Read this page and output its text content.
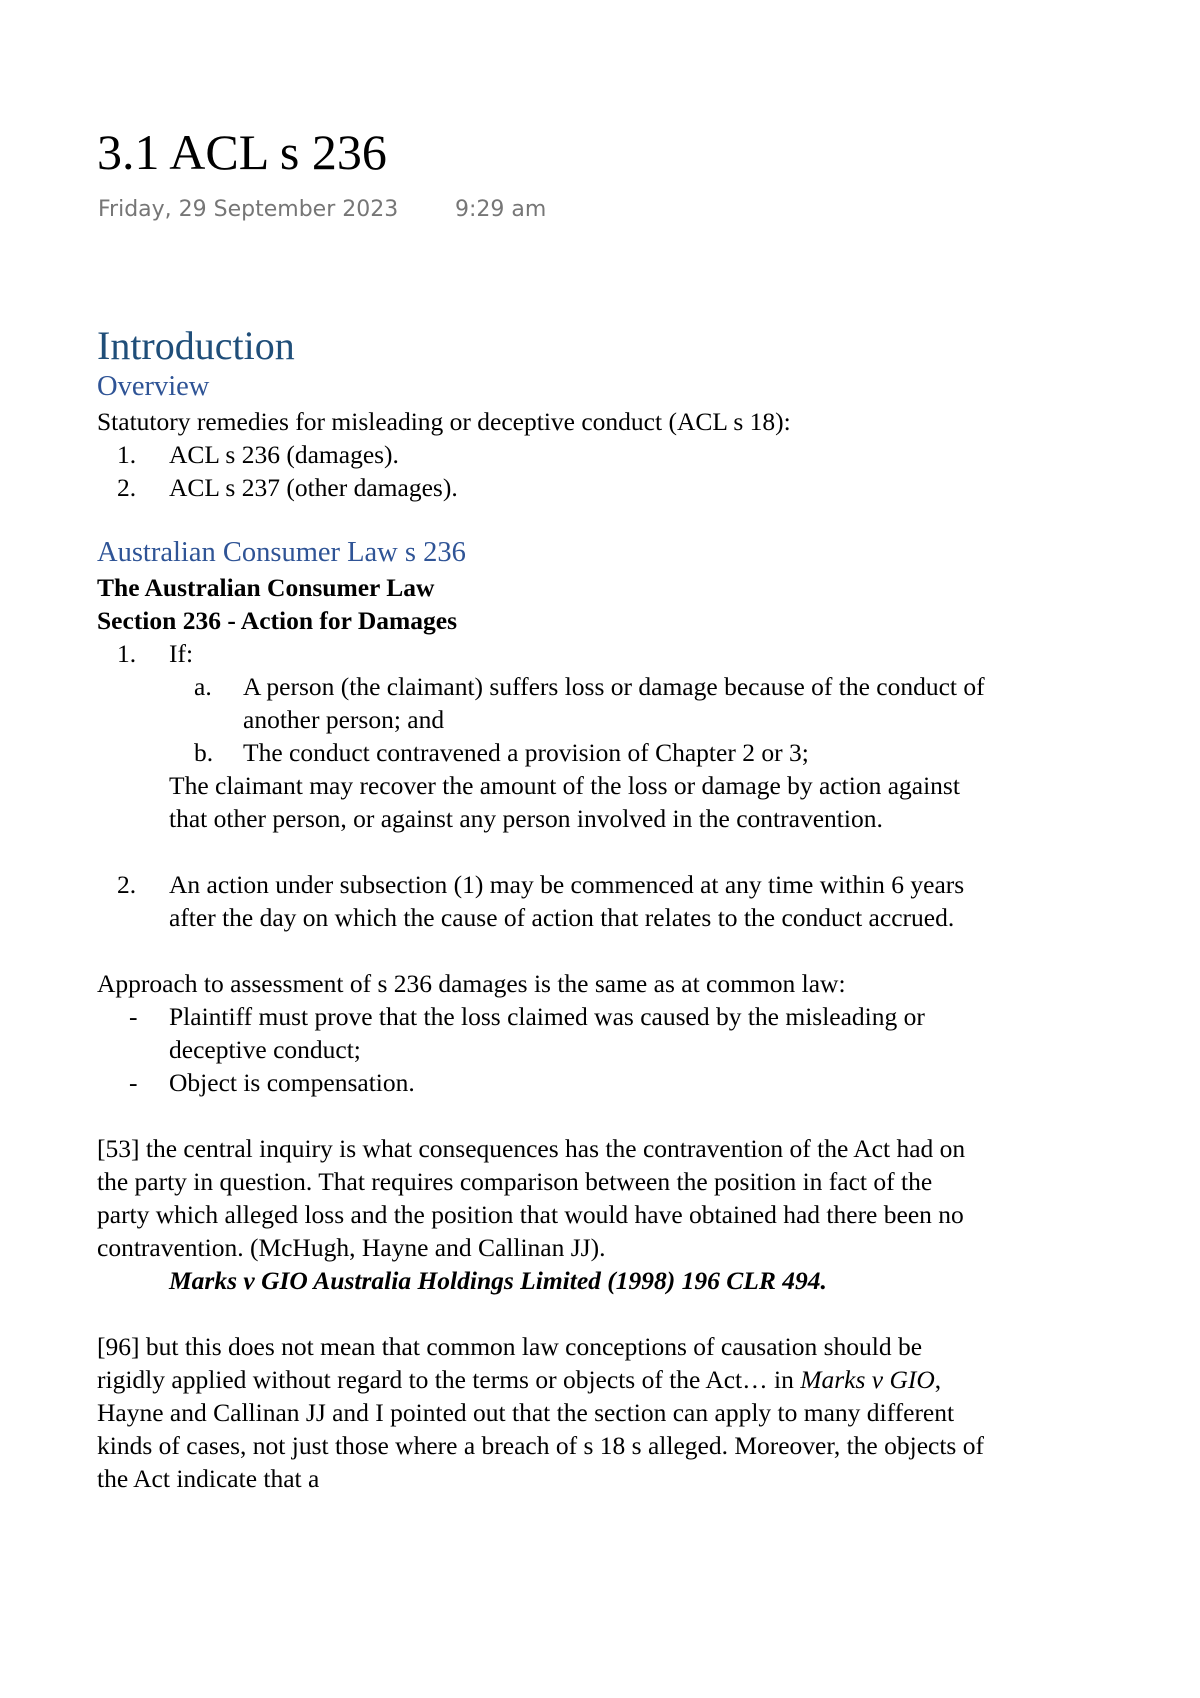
3.1 ACL s 236
Friday, 29 September 2023	9:29 am
Introduction
Overview

Statutory remedies for misleading or deceptive conduct (ACL s 18):

1. ACL s 236 (damages).
2. ACL s 237 (other damages).
Australian Consumer Law s 236

The Australian Consumer Law

Section 236 - Action for Damages

1. If:
a. A person (the claimant) suffers loss or damage because of the conduct of another person; and
b. The conduct contravened a provision of Chapter 2 or 3;

The claimant may recover the amount of the loss or damage by action against that other person, or against any person involved in the contravention.

2. An action under subsection (1) may be commenced at any time within 6 years after the day on which the cause of action that relates to the conduct accrued.

Approach to assessment of s 236 damages is the same as at common law:

- Plaintiff must prove that the loss claimed was caused by the misleading or deceptive conduct;
- Object is compensation.

[53] the central inquiry is what consequences has the contravention of the Act had on the party in question. That requires comparison between the position in fact of the party which alleged loss and the position that would have obtained had there been no contravention. (McHugh, Hayne and Callinan JJ).

Marks v GIO Australia Holdings Limited (1998) 196 CLR 494.

[96] but this does not mean that common law conceptions of causation should be rigidly applied without regard to the terms or objects of the Act… in Marks v GIO, Hayne and Callinan JJ and I pointed out that the section can apply to many different kinds of cases, not just those where a breach of s 18 s alleged. Moreover, the objects of the Act indicate that a
